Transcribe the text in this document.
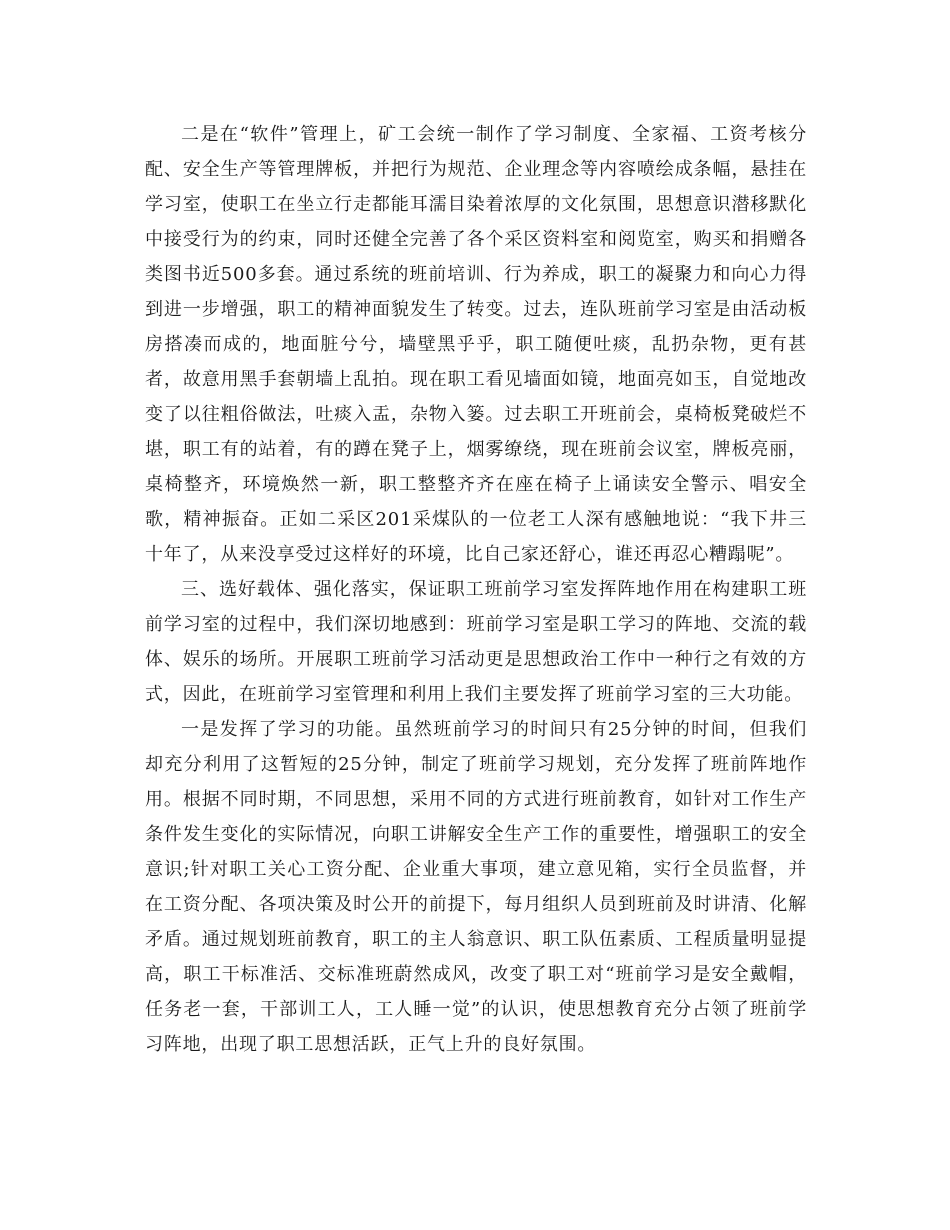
二是在“软件”管理上，矿工会统一制作了学习制度、全家福、工资考核分配、安全生产等管理牌板，并把行为规范、企业理念等内容喷绘成条幅，悬挂在学习室，使职工在坐立行走都能耳濡目染着浓厚的文化氛围，思想意识潜移默化中接受行为的约束，同时还健全完善了各个采区资料室和阅览室，购买和捐赠各类图书近500多套。通过系统的班前培训、行为养成，职工的凝聚力和向心力得到进一步增强，职工的精神面貌发生了转变。过去，连队班前学习室是由活动板房搭凑而成的，地面脏兮兮，墙壁黑乎乎，职工随便吐痰，乱扔杂物，更有甚者，故意用黑手套朝墙上乱拍。现在职工看见墙面如镜，地面亮如玉，自觉地改变了以往粗俗做法，吐痰入盂，杂物入篓。过去职工开班前会，桌椅板凳破烂不堪，职工有的站着，有的蹲在凳子上，烟雾缭绕，现在班前会议室，牌板亮丽，桌椅整齐，环境焕然一新，职工整整齐齐在座在椅子上诵读安全警示、唱安全歌，精神振奋。正如二采区201采煤队的一位老工人深有感触地说：“我下井三十年了，从来没享受过这样好的环境，比自己家还舒心，谁还再忍心糟蹋呢”。

三、选好载体、强化落实，保证职工班前学习室发挥阵地作用在构建职工班前学习室的过程中，我们深切地感到：班前学习室是职工学习的阵地、交流的载体、娱乐的场所。开展职工班前学习活动更是思想政治工作中一种行之有效的方式，因此，在班前学习室管理和利用上我们主要发挥了班前学习室的三大功能。

一是发挥了学习的功能。虽然班前学习的时间只有25分钟的时间，但我们却充分利用了这暂短的25分钟，制定了班前学习规划，充分发挥了班前阵地作用。根据不同时期，不同思想，采用不同的方式进行班前教育，如针对工作生产条件发生变化的实际情况，向职工讲解安全生产工作的重要性，增强职工的安全意识;针对职工关心工资分配、企业重大事项，建立意见箱，实行全员监督，并在工资分配、各项决策及时公开的前提下，每月组织人员到班前及时讲清、化解矛盾。通过规划班前教育，职工的主人翁意识、职工队伍素质、工程质量明显提高，职工干标准活、交标准班蔚然成风，改变了职工对“班前学习是安全戴帽，任务老一套，干部训工人，工人睡一觉”的认识，使思想教育充分占领了班前学习阵地，出现了职工思想活跃，正气上升的良好氛围。
